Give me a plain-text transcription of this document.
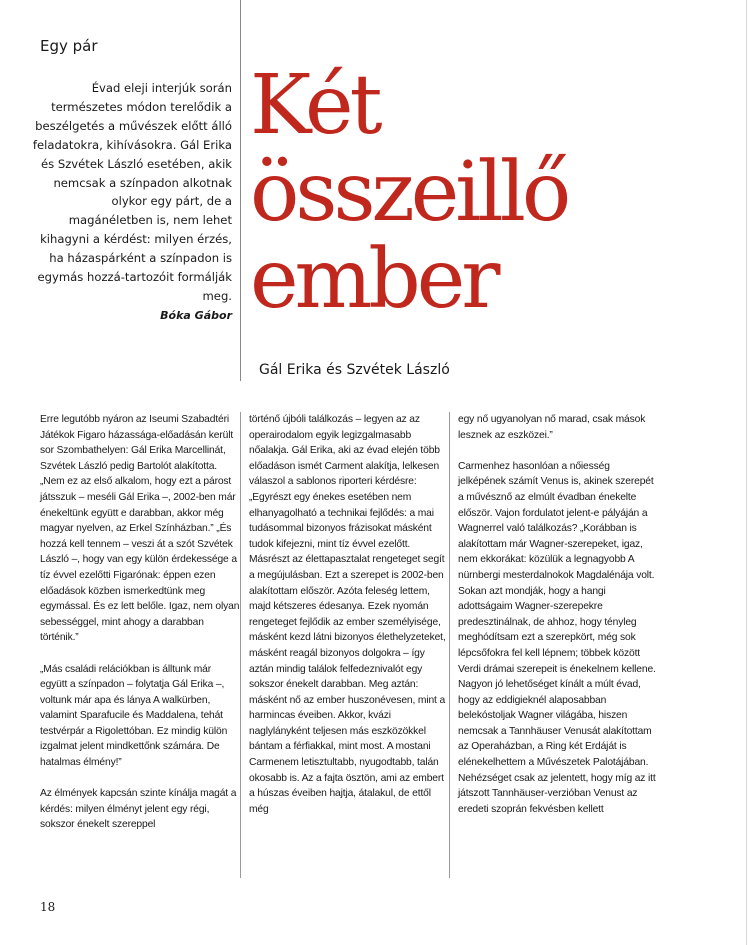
Egy pár

Évad eleji interjúk során természetes módon terelődik a beszélgetés a művészek előtt álló feladatokra, kihívásokra. Gál Erika és Szvétek László esetében, akik nemcsak a színpadon alkotnak olykor egy párt, de a magánéletben is, nem lehet kihagyni a kérdést: milyen érzés, ha házaspárként a színpadon is egymás hozzá-tartozóit formálják meg.

Bóka Gábor
Két
összeillő
ember
Gál Erika és Szvétek László

Erre legutóbb nyáron az Iseumi Szabadtéri Játékok Figaro házassága-előadásán került sor Szombathelyen: Gál Erika Marcellinát, Szvétek László pedig Bartolót alakította. „Nem ez az első alkalom, hogy ezt a párost játsszuk – meséli Gál Erika –, 2002-ben már énekeltünk együtt e darabban, akkor még magyar nyelven, az Erkel Színházban.” „És hozzá kell tennem – veszi át a szót Szvétek László –, hogy van egy külön érdekessége a tíz évvel ezelőtti Figarónak: éppen ezen előadások közben ismerkedtünk meg egymással. És ez lett belőle. Igaz, nem olyan sebességgel, mint ahogy a darabban történik.”

„Más családi relációkban is álltunk már együtt a színpadon – folytatja Gál Erika –, voltunk már apa és lánya A walkürben, valamint Sparafucile és Maddalena, tehát testvérpár a Rigolettóban. Ez mindig külön izgalmat jelent mindkettőnk számára. De hatalmas élmény!”

Az élmények kapcsán szinte kínálja magát a kérdés: milyen élményt jelent egy régi, sokszor énekelt szereppel

történő újbóli találkozás – legyen az az operairodalom egyik legizgalmasabb nőalakja. Gál Erika, aki az évad elején több előadáson ismét Carment alakítja, lelkesen válaszol a sablonos riporteri kérdésre: „Egyrészt egy énekes esetében nem elhanyagolható a technikai fejlődés: a mai tudásommal bizonyos frázisokat másként tudok kifejezni, mint tíz évvel ezelőtt. Másrészt az élettapasztalat rengeteget segít a megújulásban. Ezt a szerepet is 2002-ben alakítottam először. Azóta feleség lettem, majd kétszeres édesanya. Ezek nyomán rengeteget fejlődik az ember személyisége, másként kezd látni bizonyos élethelyzeteket, másként reagál bizonyos dolgokra – így aztán mindig találok felfedeznivalót egy sokszor énekelt darabban. Meg aztán: másként nő az ember huszonévesen, mint a harmincas éveiben. Akkor, kvázi naglylányként teljesen más eszközökkel bántam a férfiakkal, mint most. A mostani Carmenem letisztultabb, nyugodtabb, talán okosabb is. Az a fajta ösztön, ami az embert a húszas éveiben hajtja, átalakul, de ettől még

egy nő ugyanolyan nő marad, csak mások lesznek az eszközei.”

Carmenhez hasonlóan a nőiesség jelképének számít Venus is, akinek szerepét a művésznő az elmúlt évadban énekelte először. Vajon fordulatot jelent-e pályáján a Wagnerrel való találkozás? „Korábban is alakítottam már Wagner-szerepeket, igaz, nem ekkorákat: közülük a legnagyobb A nürnbergi mesterdalnokok Magdalénája volt. Sokan azt mondják, hogy a hangi adottságaim Wagner-szerepekre predesztinálnak, de ahhoz, hogy tényleg meghódítsam ezt a szerepkört, még sok lépcsőfokra fel kell lépnem; többek között Verdi drámai szerepeit is énekelnem kellene. Nagyon jó lehetőséget kínált a múlt évad, hogy az eddigieknél alaposabban belekóstoljak Wagner világába, hiszen nemcsak a Tannhäuser Venusát alakítottam az Operaházban, a Ring két Erdáját is elénekelhettem a Művészetek Palotájában. Nehézséget csak az jelentett, hogy míg az itt játszott Tannhäuser-verzióban Venust az eredeti szoprán fekvésben kellett

18
